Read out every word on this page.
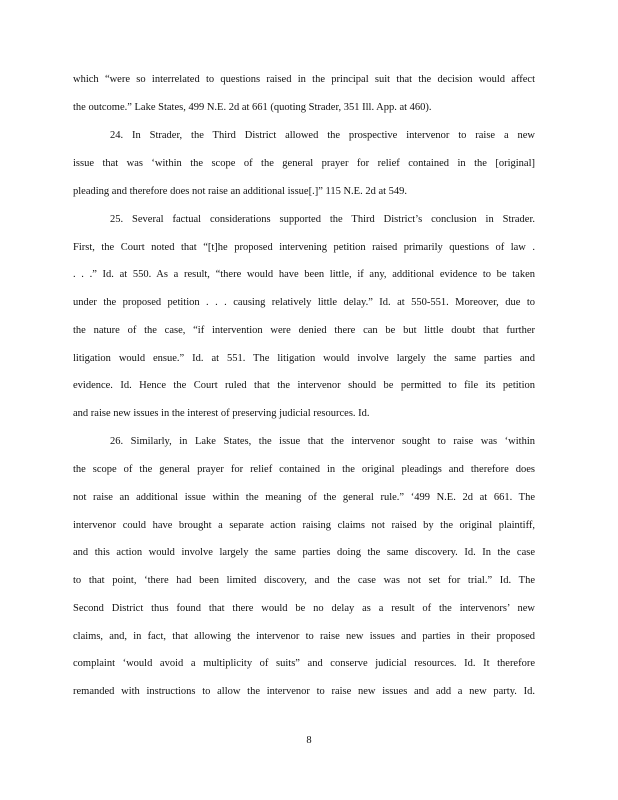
which “were so interrelated to questions raised in the principal suit that the decision would affect
the outcome.” Lake States, 499 N.E. 2d at 661 (quoting Strader, 351 Ill. App. at 460).
24. In Strader, the Third District allowed the prospective intervenor to raise a new
issue that was ‘within the scope of the general prayer for relief contained in the [original]
pleading and therefore does not raise an additional issue[.]” 115 N.E. 2d at 549.
25. Several factual considerations supported the Third District’s conclusion in Strader.
First, the Court noted that “[t]he proposed intervening petition raised primarily questions of law .
. . .” Id. at 550. As a result, “there would have been little, if any, additional evidence to be taken
under the proposed petition . . . causing relatively little delay.” Id. at 550-551. Moreover, due to
the nature of the case, “if intervention were denied there can be but little doubt that further
litigation would ensue.” Id. at 551. The litigation would involve largely the same parties and
evidence. Id. Hence the Court ruled that the intervenor should be permitted to file its petition
and raise new issues in the interest of preserving judicial resources. Id.
26. Similarly, in Lake States, the issue that the intervenor sought to raise was ‘within
the scope of the general prayer for relief contained in the original pleadings and therefore does
not raise an additional issue within the meaning of the general rule.” ‘499 N.E. 2d at 661. The
intervenor could have brought a separate action raising claims not raised by the original plaintiff,
and this action would involve largely the same parties doing the same discovery. Id. In the case
to that point, ‘there had been limited discovery, and the case was not set for trial.” Id. The
Second District thus found that there would be no delay as a result of the intervenors’ new
claims, and, in fact, that allowing the intervenor to raise new issues and parties in their proposed
complaint ‘would avoid a multiplicity of suits” and conserve judicial resources. Id. It therefore
remanded with instructions to allow the intervenor to raise new issues and add a new party. Id.
8
